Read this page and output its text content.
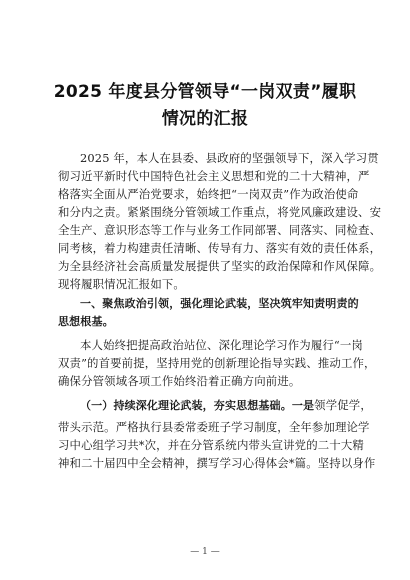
2025 年度县分管领导“一岗双责”履职
情况的汇报
2025 年，本人在县委、县政府的坚强领导下，深入学习贯
彻习近平新时代中国特色社会主义思想和党的二十大精神，严
格落实全面从严治党要求，始终把“一岗双责”作为政治使命
和分内之责。紧紧围绕分管领域工作重点，将党风廉政建设、安
全生产、意识形态等工作与业务工作同部署、同落实、同检查、
同考核，着力构建责任清晰、传导有力、落实有效的责任体系，
为全县经济社会高质量发展提供了坚实的政治保障和作风保障。
现将履职情况汇报如下。
一、聚焦政治引领，强化理论武装，坚决筑牢知责明责的
思想根基。
本人始终把提高政治站位、深化理论学习作为履行“一岗
双责”的首要前提，坚持用党的创新理论指导实践、推动工作，
确保分管领域各项工作始终沿着正确方向前进。
（一）持续深化理论武装，夯实思想基础。一是领学促学，
带头示范。严格执行县委常委班子学习制度，全年参加理论学
习中心组学习共*次，并在分管系统内带头宣讲党的二十大精
神和二十届四中全会精神，撰写学习心得体会*篇。坚持以身作
— 1 —
